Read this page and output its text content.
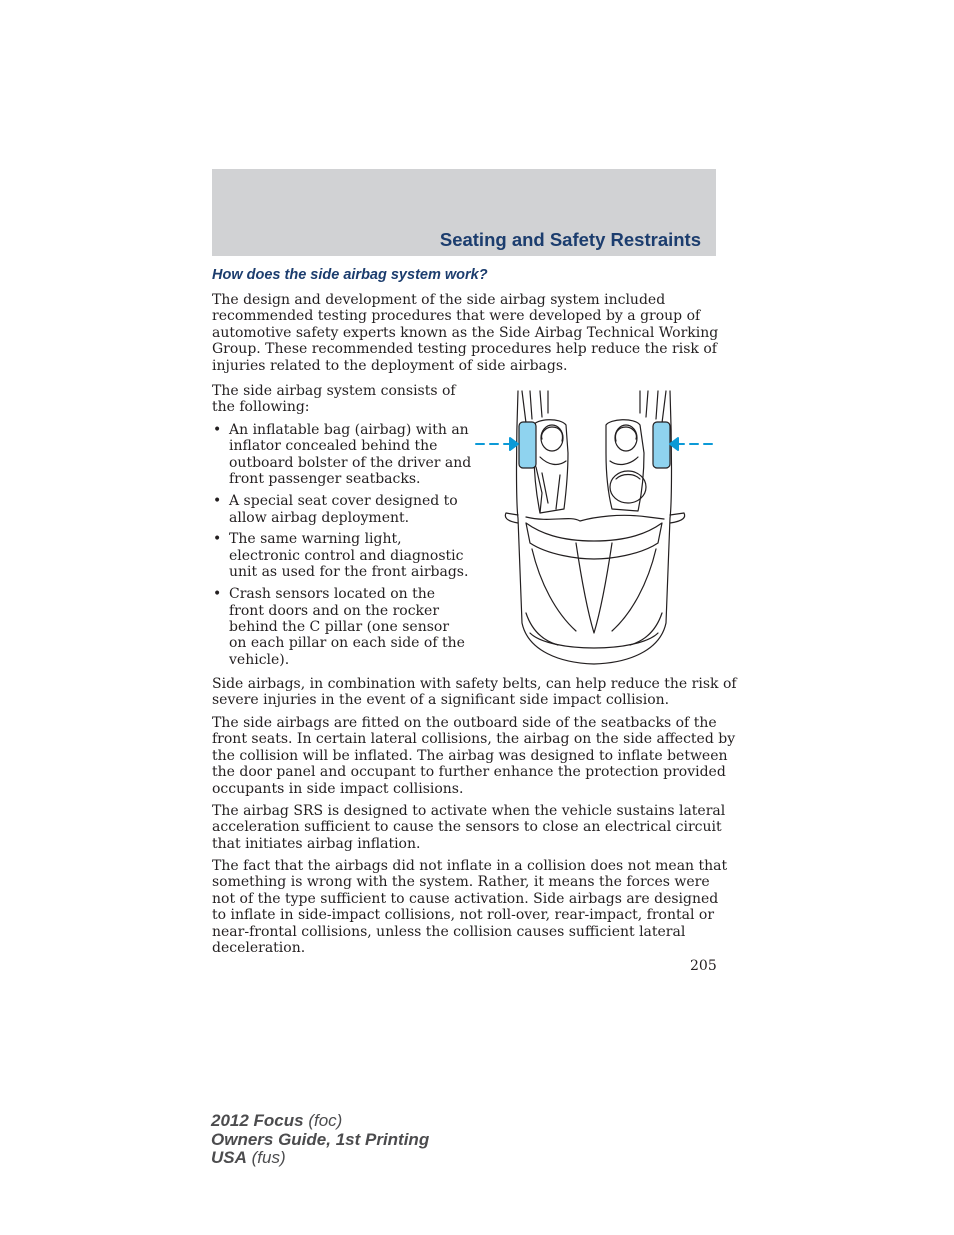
Seating and Safety Restraints
How does the side airbag system work?

The design and development of the side airbag system included
recommended testing procedures that were developed by a group of
automotive safety experts known as the Side Airbag Technical Working
Group. These recommended testing procedures help reduce the risk of
injuries related to the deployment of side airbags.

The side airbag system consists of
the following:

• An inflatable bag (airbag) with an
inflator concealed behind the
outboard bolster of the driver and
front passenger seatbacks.
• A special seat cover designed to
allow airbag deployment.
• The same warning light,
electronic control and diagnostic
unit as used for the front airbags.
• Crash sensors located on the
front doors and on the rocker
behind the C pillar (one sensor
on each pillar on each side of the
vehicle).

Side airbags, in combination with safety belts, can help reduce the risk of
severe injuries in the event of a significant side impact collision.

The side airbags are fitted on the outboard side of the seatbacks of the
front seats. In certain lateral collisions, the airbag on the side affected by
the collision will be inflated. The airbag was designed to inflate between
the door panel and occupant to further enhance the protection provided
occupants in side impact collisions.

The airbag SRS is designed to activate when the vehicle sustains lateral
acceleration sufficient to cause the sensors to close an electrical circuit
that initiates airbag inflation.

The fact that the airbags did not inflate in a collision does not mean that
something is wrong with the system. Rather, it means the forces were
not of the type sufficient to cause activation. Side airbags are designed
to inflate in side-impact collisions, not roll-over, rear-impact, frontal or
near-frontal collisions, unless the collision causes sufficient lateral
deceleration.

205
2012 Focus (foc)
Owners Guide, 1st Printing
USA (fus)
